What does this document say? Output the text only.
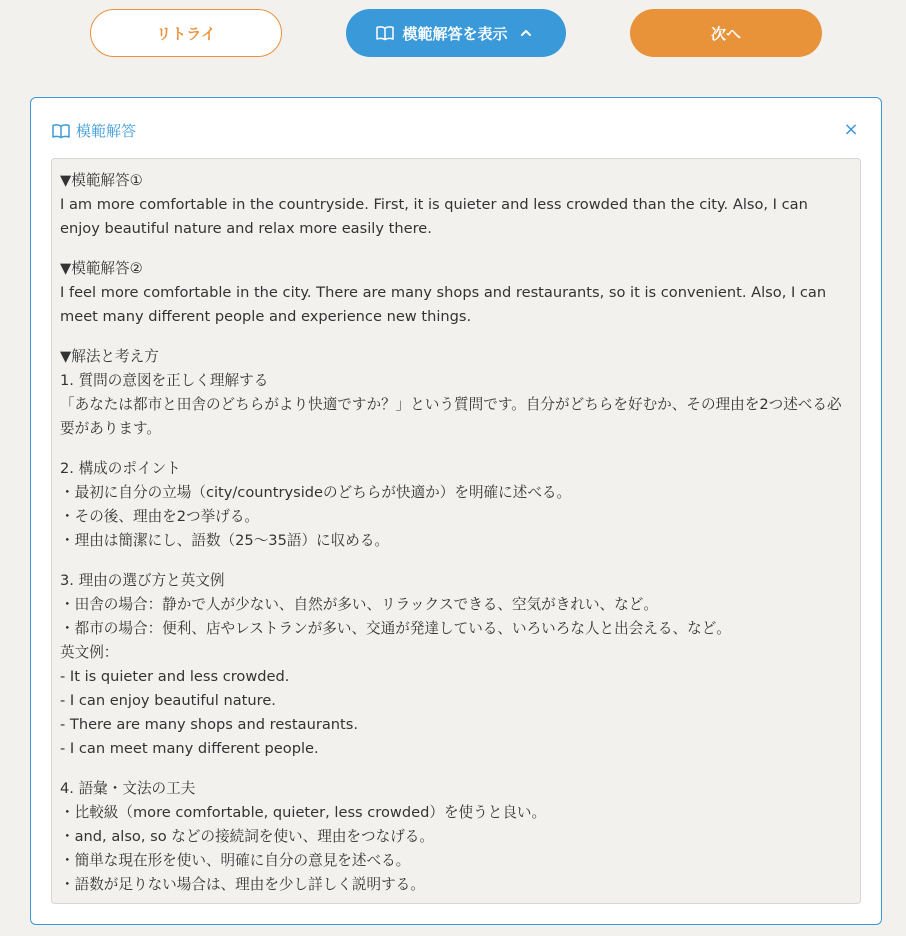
リトライ	模範解答を表示	次へ
模範解答	×
▼模範解答①
I am more comfortable in the countryside. First, it is quieter and less crowded than the city. Also, I can enjoy beautiful nature and relax more easily there.
▼模範解答②
I feel more comfortable in the city. There are many shops and restaurants, so it is convenient. Also, I can meet many different people and experience new things.
▼解法と考え方
1. 質問の意図を正しく理解する
「あなたは都市と田舎のどちらがより快適ですか？」という質問です。自分がどちらを好むか、その理由を2つ述べる必要があります。
2. 構成のポイント
・最初に自分の立場（city/countrysideのどちらが快適か）を明確に述べる。
・その後、理由を2つ挙げる。
・理由は簡潔にし、語数（25〜35語）に収める。
3. 理由の選び方と英文例
・田舎の場合：静かで人が少ない、自然が多い、リラックスできる、空気がきれい、など。
・都市の場合：便利、店やレストランが多い、交通が発達している、いろいろな人と出会える、など。
英文例：
- It is quieter and less crowded.
- I can enjoy beautiful nature.
- There are many shops and restaurants.
- I can meet many different people.
4. 語彙・文法の工夫
・比較級（more comfortable, quieter, less crowded）を使うと良い。
・and, also, so などの接続詞を使い、理由をつなげる。
・簡単な現在形を使い、明確に自分の意見を述べる。
・語数が足りない場合は、理由を少し詳しく説明する。
